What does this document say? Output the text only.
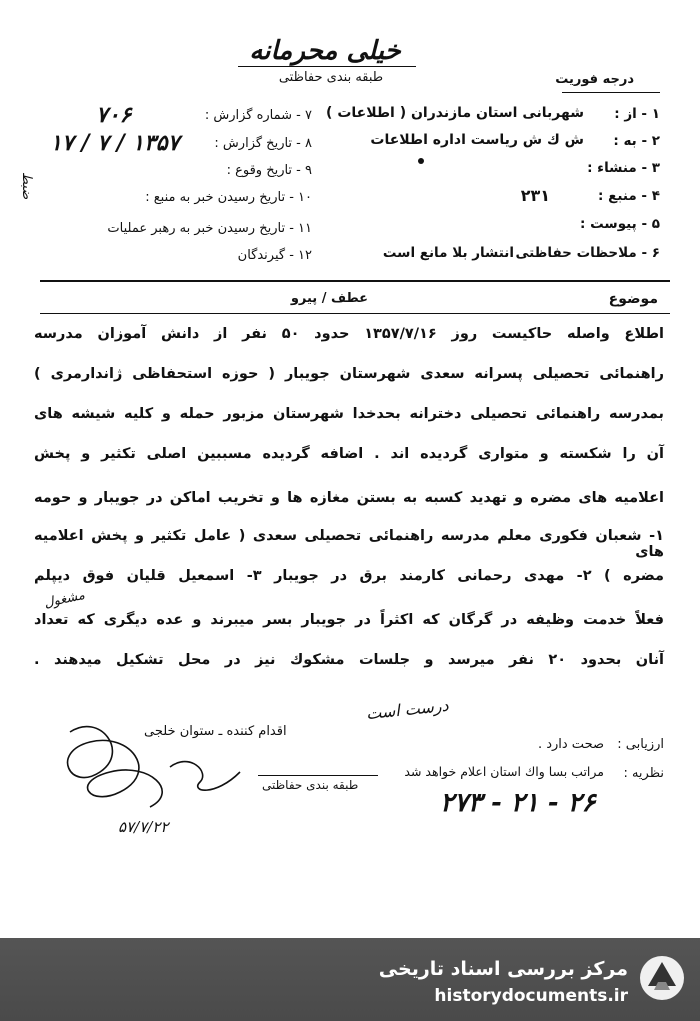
خیلی محرمانه
طبقه بندی حفاظتی	درجه فوریت
۱ - از :
شهربانی استان مازندران ( اطلاعات )
۲ - به :
ش ك ش ریاست اداره اطلاعات
۳ - منشاء :
۴ - منبع :
۲۳۱
۵ - پیوست :
۶ - ملاحظات حفاظتی
انتشار بلا مانع است
۷ - شماره گزارش :
۷۰۶
۸ - تاریخ گزارش :
۱۷ / ۷ / ۱۳۵۷
۹ - تاریخ وقوع :
۱۰ - تاریخ رسیدن خبر به منبع :
۱۱ - تاریخ رسیدن خبر به رهبر عملیات
۱۲ - گیرندگان
ضبط
موضوع
عطف / پیرو
اطلاع واصله حاکیست روز ۱۳۵۷/۷/۱۶ حدود ۵۰ نفر از دانش آموزان مدرسه
راهنمائی تحصیلی پسرانه سعدی شهرستان جویبار ( حوزه استحفاظی ژاندارمری )
بمدرسه راهنمائی تحصیلی دخترانه بحدخدا شهرستان مزبور حمله و کلیه شیشه های
آن را شکسته و متواری گردیده اند . اضافه گردیده مسببین اصلی تکثیر و پخش
اعلامیه های مضره و تهدید کسبه به بستن مغازه ها و تخریب اماکن در جویبار و حومه
۱- شعبان فکوری معلم مدرسه راهنمائی تحصیلی سعدی ( عامل تکثیر و پخش اعلامیه های
مضره ) ۲- مهدی رحمانی کارمند برق در جویبار ۳- اسمعیل قلیان فوق دیپلم
مشغول
فعلاً خدمت وظیفه در گرگان که اکثراً در جویبار بسر میبرند و عده دیگری که تعداد
آنان بحدود ۲۰ نفر میرسد و جلسات مشکوك نیز در محل تشکیل میدهند .
درست است
ارزیابی :
صحت دارد .
اقدام کننده ـ ستوان خلجی
نظریه :
مراتب بسا واك استان اعلام خواهد شد
طبقه بندی حفاظتی
۵۷/۷/۲۲
۲۷۳ - ۲۱ - ۲۶
مرکز بررسی اسناد تاریخی
historydocuments.ir
